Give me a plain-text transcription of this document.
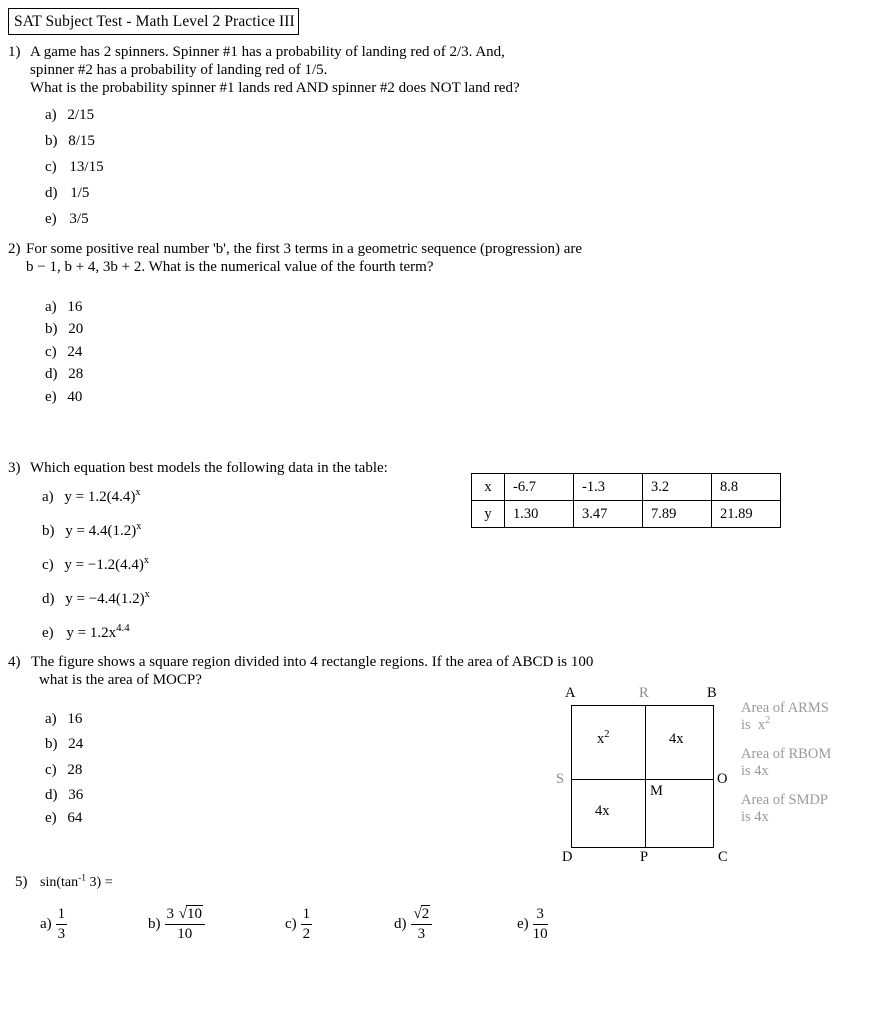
SAT Subject Test - Math Level 2 Practice III
1) A game has 2 spinners. Spinner #1 has a probability of landing red of 2/3. And,
spinner #2 has a probability of landing red of 1/5.
What is the probability spinner #1 lands red AND spinner #2 does NOT land red?
a) 2/15
b) 8/15
c) 13/15
d) 1/5
e) 3/5
2) For some positive real number 'b', the first 3 terms in a geometric sequence (progression) are
b − 1, b + 4, 3b + 2. What is the numerical value of the fourth term?
a) 16
b) 20
c) 24
d) 28
e) 40
3) Which equation best models the following data in the table:
a) $y = 1.2(4.4)^x$
b) $y = 4.4(1.2)^x$
c) $y = -1.2(4.4)^x$
d) $y = -4.4(1.2)^x$
e) $y = 1.2x^{4.4}$
x	-6.7	-1.3	3.2	8.8
y	1.30	3.47	7.89	21.89
4) The figure shows a square region divided into 4 rectangle regions. If the area of ABCD is 100
what is the area of MOCP?
a) 16
b) 24
c) 28
d) 36
e) 64
A	R	B
S	O
M
D	P	C
$x^2$	4x
4x
Area of ARMS
is $x^2$
Area of RBOM
is 4x
Area of SMDP
is 4x
5) $\sin(\tan^{-1}$ 3) =
$a) \frac{1}{3}$	$b) \frac{3 √10}{10}$	$c) \frac{1}{2}$	$d) \frac{√2}{3}$	$e) \frac{3}{10}$
